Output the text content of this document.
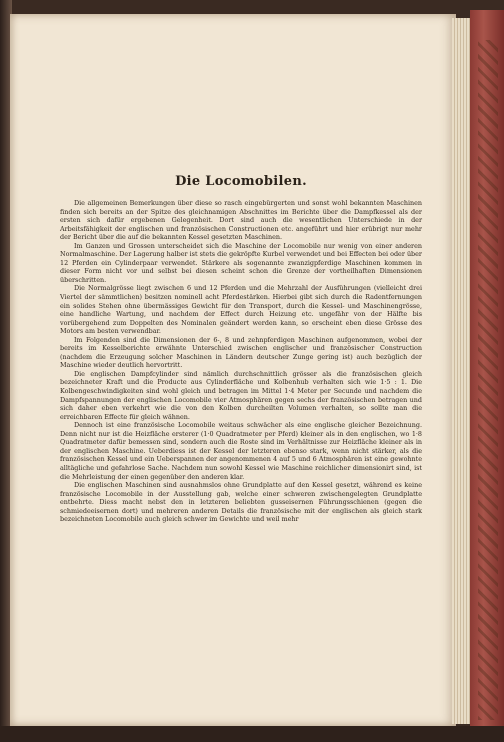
Die Locomobilen.

Die allgemeinen Bemerkungen über diese so rasch eingebürgerten und sonst wohl bekannten Maschinen finden sich bereits an der Spitze des gleichnamigen Abschnittes im Berichte über die Dampfkessel als der ersten sich dafür ergebenen Gelegenheit. Dort sind auch die wesentlichen Unterschiede in der Arbeitsfähigkeit der englischen und französischen Constructionen etc. angeführt und hier erübrigt nur mehr der Bericht über die auf die bekannten Kessel gesetzten Maschinen.

Im Ganzen und Grossen unterscheidet sich die Maschine der Locomobile nur wenig von einer anderen Normalmaschine. Der Lagerung halber ist stets die gekröpfte Kurbel verwendet und bei Effecten bei oder über 12 Pferden ein Cylinderpaar verwendet. Stärkere als sogenannte zwanzigpferdige Maschinen kommen in dieser Form nicht vor und selbst bei diesen scheint schon die Grenze der vortheilhaften Dimensionen überschritten.

Die Normalgrösse liegt zwischen 6 und 12 Pferden und die Mehrzahl der Ausführungen (vielleicht drei Viertel der sämmtlichen) besitzen nominell acht Pferdestärken. Hierbei gibt sich durch die Radentfernungen ein solides Stehen ohne übermässiges Gewicht für den Transport, durch die Kessel- und Maschinengrösse, eine handliche Wartung, und nachdem der Effect durch Heizung etc. ungefähr von der Hälfte bis vorübergehend zum Doppelten des Nominalen geändert werden kann, so erscheint eben diese Grösse des Motors am besten verwendbar.

Im Folgenden sind die Dimensionen der 6-, 8 und zehnpferdigen Maschinen aufgenommen, wobei der bereits im Kesselberichte erwähnte Unterschied zwischen englischer und französischer Construction (nachdem die Erzeugung solcher Maschinen in Ländern deutscher Zunge gering ist) auch bezüglich der Maschine wieder deutlich hervortritt.

Die englischen Dampfcylinder sind nämlich durchschnittlich grösser als die französischen gleich bezeichneter Kraft und die Producte aus Cylinderfläche und Kolbenhub verhalten sich wie 1·5 : 1. Die Kolbengeschwindigkeiten sind wohl gleich und betragen im Mittel 1·4 Meter per Secunde und nachdem die Dampfspannungen der englischen Locomobile vier Atmosphären gegen sechs der französischen betragen und sich daher eben verkehrt wie die von den Kolben durcheilten Volumen verhalten, so sollte man die erreichbaren Effecte für gleich wähnen.

Dennoch ist eine französische Locomobile weitaus schwächer als eine englische gleicher Bezeichnung. Denn nicht nur ist die Heizfläche ersterer (1·0 Quadratmeter per Pferd) kleiner als in den englischen, wo 1·8 Quadratmeter dafür bemessen sind, sondern auch die Roste sind im Verhältnisse zur Heizfläche kleiner als in der englischen Maschine. Ueberdiess ist der Kessel der letzteren ebenso stark, wenn nicht stärker, als die französischen Kessel und ein Ueberspannen der angenommenen 4 auf 5 und 6 Atmosphären ist eine gewohnte alltägliche und gefahrlose Sache. Nachdem nun sowohl Kessel wie Maschine reichlicher dimensionirt sind, ist die Mehrleistung der einen gegenüber den anderen klar.

Die englischen Maschinen sind ausnahmslos ohne Grundplatte auf den Kessel gesetzt, während es keine französische Locomobile in der Ausstellung gab, welche einer schweren zwischengelegten Grundplatte entbehrte. Diess macht nebst den in letzteren beliebten gusseisernen Führungsschienen (gegen die schmiedeeisernen dort) und mehreren anderen Details die französische mit der englischen als gleich stark bezeichneten Locomobile auch gleich schwer im Gewichte und weil mehr
